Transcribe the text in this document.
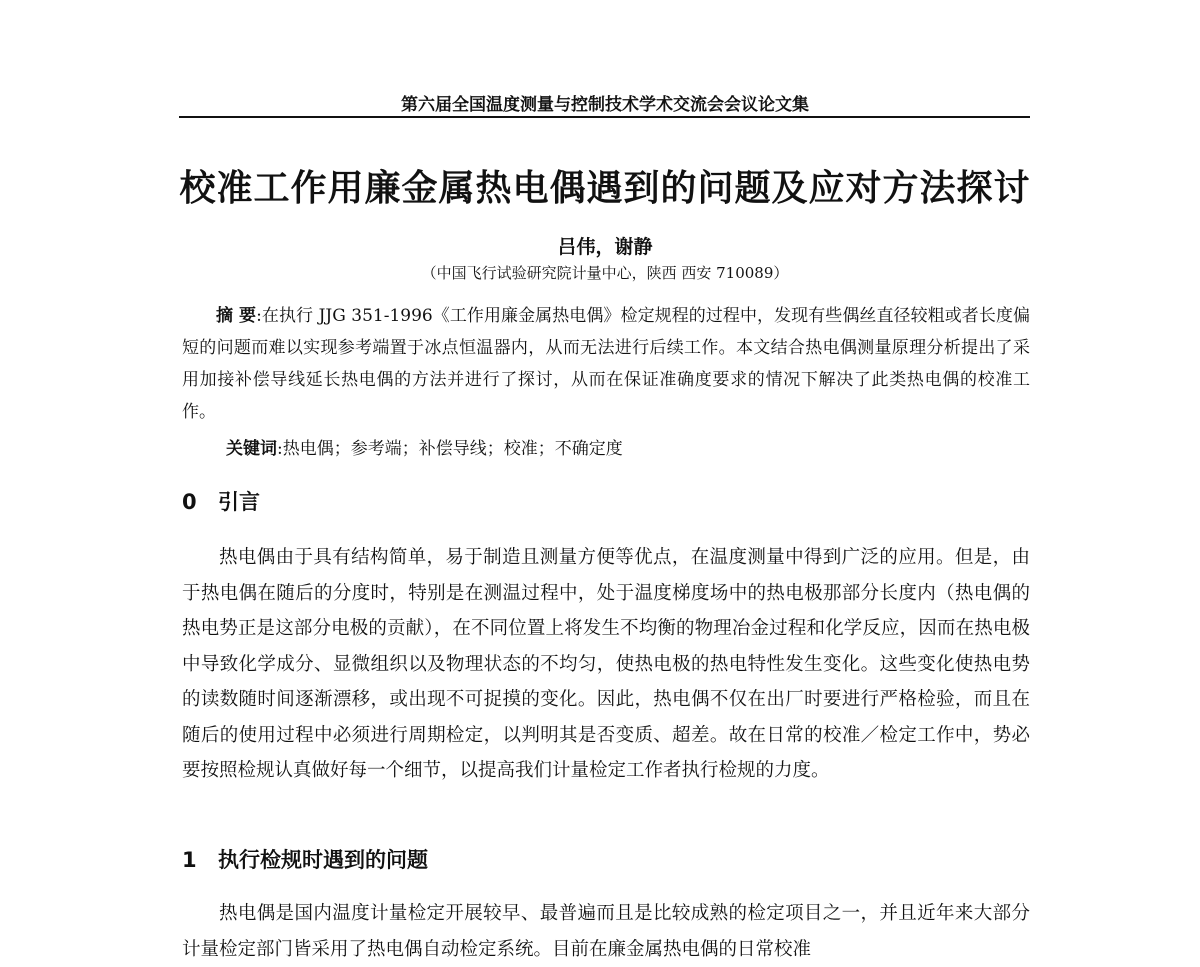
第六届全国温度测量与控制技术学术交流会会议论文集
校准工作用廉金属热电偶遇到的问题及应对方法探讨
吕伟，谢静
（中国飞行试验研究院计量中心，陕西 西安 710089）

摘 要:在执行 JJG 351-1996《工作用廉金属热电偶》检定规程的过程中，发现有些偶丝直径较粗或者长度偏短的问题而难以实现参考端置于冰点恒温器内，从而无法进行后续工作。本文结合热电偶测量原理分析提出了采用加接补偿导线延长热电偶的方法并进行了探讨，从而在保证准确度要求的情况下解决了此类热电偶的校准工作。

关键词:热电偶；参考端；补偿导线；校准；不确定度
0 引言

热电偶由于具有结构简单，易于制造且测量方便等优点，在温度测量中得到广泛的应用。但是，由于热电偶在随后的分度时，特别是在测温过程中，处于温度梯度场中的热电极那部分长度内（热电偶的热电势正是这部分电极的贡献），在不同位置上将发生不均衡的物理冶金过程和化学反应，因而在热电极中导致化学成分、显微组织以及物理状态的不均匀，使热电极的热电特性发生变化。这些变化使热电势的读数随时间逐渐漂移，或出现不可捉摸的变化。因此，热电偶不仅在出厂时要进行严格检验，而且在随后的使用过程中必须进行周期检定，以判明其是否变质、超差。故在日常的校准／检定工作中，势必要按照检规认真做好每一个细节，以提高我们计量检定工作者执行检规的力度。

1 执行检规时遇到的问题

热电偶是国内温度计量检定开展较早、最普遍而且是比较成熟的检定项目之一，并且近年来大部分计量检定部门皆采用了热电偶自动检定系统。目前在廉金属热电偶的日常校准
